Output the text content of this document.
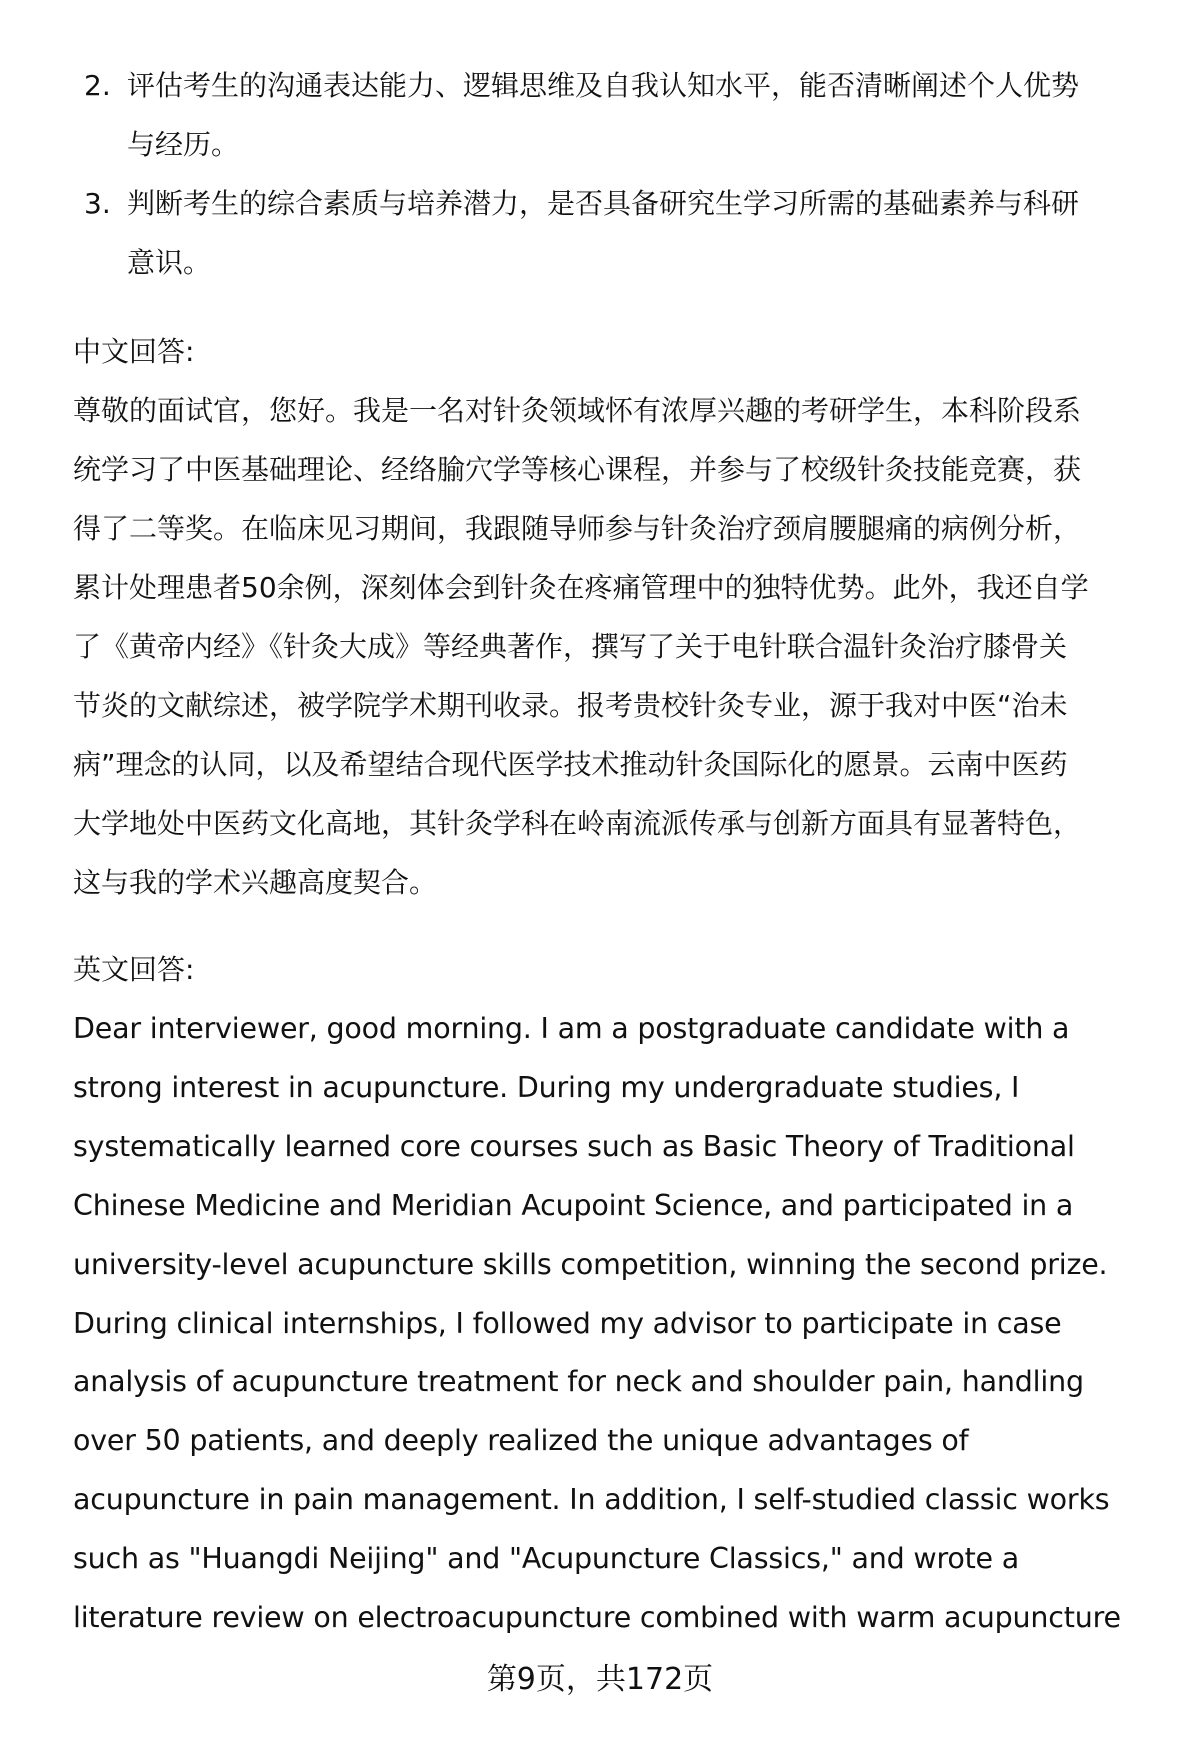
2. 评估考生的沟通表达能力、逻辑思维及自我认知水平，能否清晰阐述个人优势
与经历。
3. 判断考生的综合素质与培养潜力，是否具备研究生学习所需的基础素养与科研
意识。
中文回答:
尊敬的面试官，您好。我是一名对针灸领域怀有浓厚兴趣的考研学生，本科阶段系
统学习了中医基础理论、经络腧穴学等核心课程，并参与了校级针灸技能竞赛，获
得了二等奖。在临床见习期间，我跟随导师参与针灸治疗颈肩腰腿痛的病例分析，
累计处理患者50余例，深刻体会到针灸在疼痛管理中的独特优势。此外，我还自学
了《黄帝内经》《针灸大成》等经典著作，撰写了关于电针联合温针灸治疗膝骨关
节炎的文献综述，被学院学术期刊收录。报考贵校针灸专业，源于我对中医“治未
病”理念的认同，以及希望结合现代医学技术推动针灸国际化的愿景。云南中医药
大学地处中医药文化高地，其针灸学科在岭南流派传承与创新方面具有显著特色，
这与我的学术兴趣高度契合。
英文回答:
Dear interviewer, good morning. I am a postgraduate candidate with a
strong interest in acupuncture. During my undergraduate studies, I
systematically learned core courses such as Basic Theory of Traditional
Chinese Medicine and Meridian Acupoint Science, and participated in a
university-level acupuncture skills competition, winning the second prize.
During clinical internships, I followed my advisor to participate in case
analysis of acupuncture treatment for neck and shoulder pain, handling
over 50 patients, and deeply realized the unique advantages of
acupuncture in pain management. In addition, I self-studied classic works
such as "Huangdi Neijing" and "Acupuncture Classics," and wrote a
literature review on electroacupuncture combined with warm acupuncture
第9页，共172页
